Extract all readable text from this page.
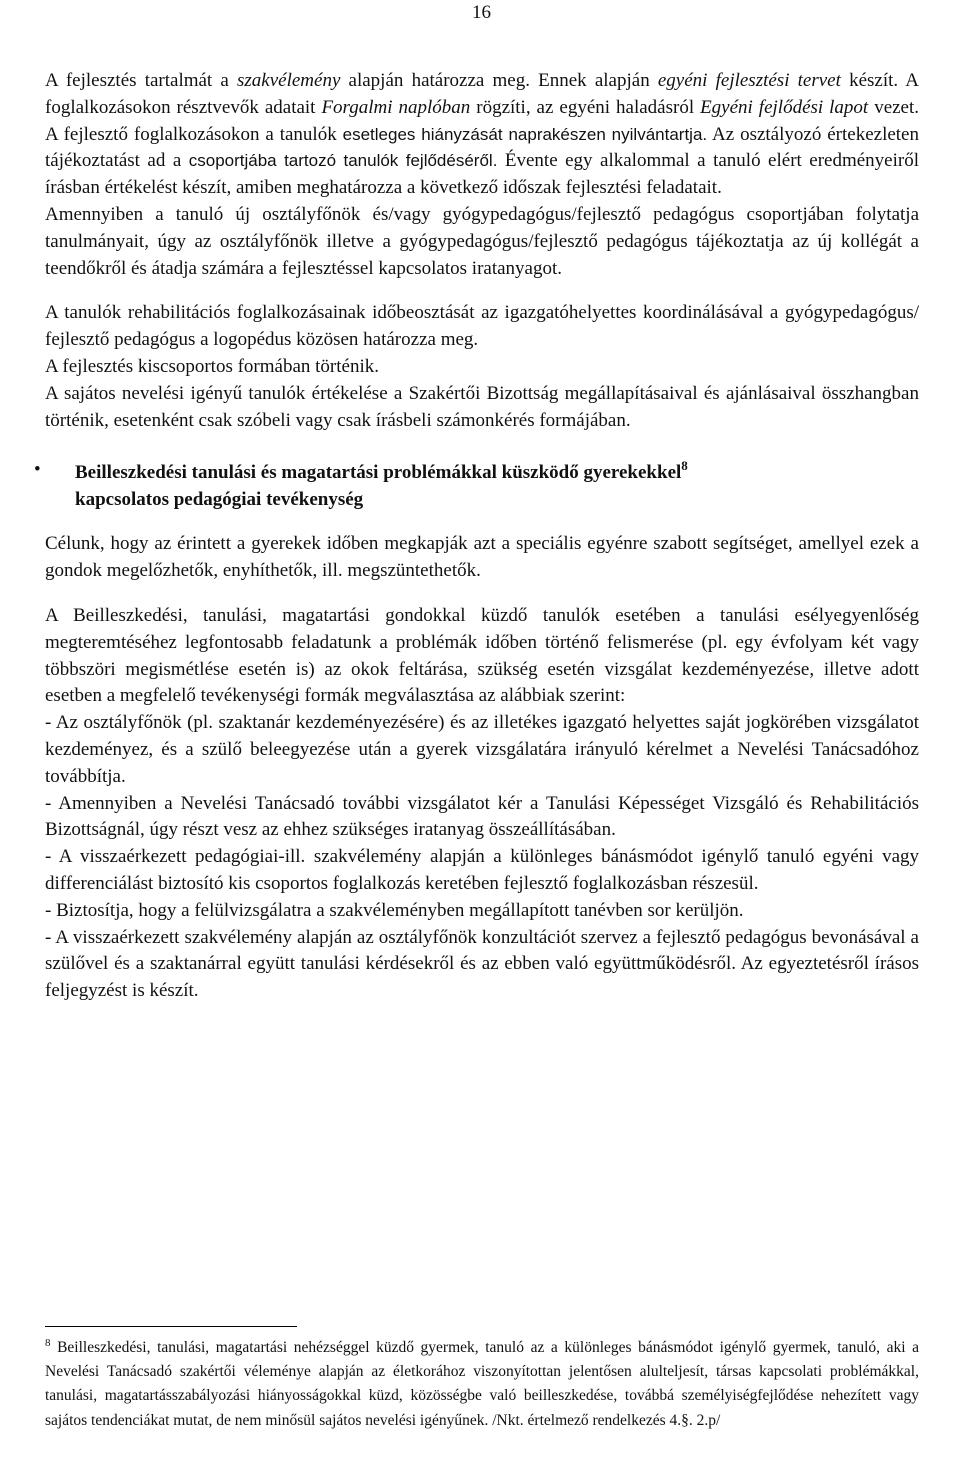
16

A fejlesztés tartalmát a szakvélemény alapján határozza meg. Ennek alapján egyéni fejlesztési tervet készít. A foglalkozásokon résztvevők adatait Forgalmi naplóban rögzíti, az egyéni haladásról Egyéni fejlődési lapot vezet. A fejlesztő foglalkozásokon a tanulók esetleges hiányzását naprakészen nyilvántartja. Az osztályozó értekezleten tájékoztatást ad a csoportjába tartozó tanulók fejlődéséről. Évente egy alkalommal a tanuló elért eredményeiről írásban értékelést készít, amiben meghatározza a következő időszak fejlesztési feladatait.

Amennyiben a tanuló új osztályfőnök és/vagy gyógypedagógus/fejlesztő pedagógus csoportjában folytatja tanulmányait, úgy az osztályfőnök illetve a gyógypedagógus/fejlesztő pedagógus tájékoztatja az új kollégát a teendőkről és átadja számára a fejlesztéssel kapcsolatos iratanyagot.

A tanulók rehabilitációs foglalkozásainak időbeosztását az igazgatóhelyettes koordinálásával a gyógypedagógus/ fejlesztő pedagógus a logopédus közösen határozza meg.

A fejlesztés kiscsoportos formában történik.

A sajátos nevelési igényű tanulók értékelése a Szakértői Bizottság megállapításaival és ajánlásaival összhangban történik, esetenként csak szóbeli vagy csak írásbeli számonkérés formájában.

• Beilleszkedési tanulási és magatartási problémákkal küszködő gyerekekkel$^8$
kapcsolatos pedagógiai tevékenység

Célunk, hogy az érintett a gyerekek időben megkapják azt a speciális egyénre szabott segítséget, amellyel ezek a gondok megelőzhetők, enyhíthetők, ill. megszüntethetők.

A Beilleszkedési, tanulási, magatartási gondokkal küzdő tanulók esetében a tanulási esélyegyenlőség megteremtéséhez legfontosabb feladatunk a problémák időben történő felismerése (pl. egy évfolyam két vagy többszöri megismétlése esetén is) az okok feltárása, szükség esetén vizsgálat kezdeményezése, illetve adott esetben a megfelelő tevékenységi formák megválasztása az alábbiak szerint:

- Az osztályfőnök (pl. szaktanár kezdeményezésére) és az illetékes igazgató helyettes saját jogkörében vizsgálatot kezdeményez, és a szülő beleegyezése után a gyerek vizsgálatára irányuló kérelmet a Nevelési Tanácsadóhoz továbbítja.

- Amennyiben a Nevelési Tanácsadó további vizsgálatot kér a Tanulási Képességet Vizsgáló és Rehabilitációs Bizottságnál, úgy részt vesz az ehhez szükséges iratanyag összeállításában.

- A visszaérkezett pedagógiai-ill. szakvélemény alapján a különleges bánásmódot igénylő tanuló egyéni vagy differenciálást biztosító kis csoportos foglalkozás keretében fejlesztő foglalkozásban részesül.

- Biztosítja, hogy a felülvizsgálatra a szakvéleményben megállapított tanévben sor kerüljön.

- A visszaérkezett szakvélemény alapján az osztályfőnök konzultációt szervez a fejlesztő pedagógus bevonásával a szülővel és a szaktanárral együtt tanulási kérdésekről és az ebben való együttműködésről. Az egyeztetésről írásos feljegyzést is készít.

$^8$ Beilleszkedési, tanulási, magatartási nehézséggel küzdő gyermek, tanuló az a különleges bánásmódot igénylő gyermek, tanuló, aki a Nevelési Tanácsadó szakértői véleménye alapján az életkorához viszonyítottan jelentősen alulteljesít, társas kapcsolati problémákkal, tanulási, magatartásszabályozási hiányosságokkal küzd, közösségbe való beilleszkedése, továbbá személyiségfejlődése nehezített vagy sajátos tendenciákat mutat, de nem minősül sajátos nevelési igényűnek. /Nkt. értelmező rendelkezés 4.§. 2.p/
